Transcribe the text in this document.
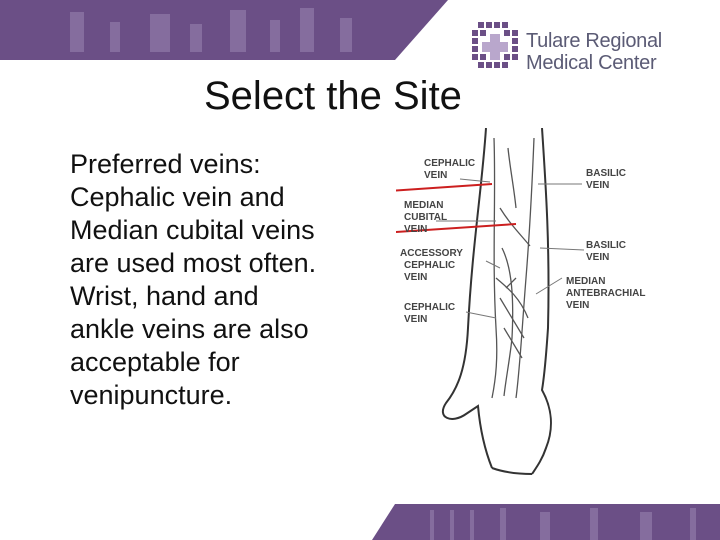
Tulare Regional
Medical Center
Select the Site
Preferred veins:
Cephalic vein and
Median cubital veins
are used most often.
Wrist, hand and
ankle veins are also
acceptable for
venipuncture.
CEPHALIC VEIN
MEDIAN CUBITAL VEIN
ACCESSORY CEPHALIC VEIN
CEPHALIC VEIN
BASILIC VEIN
BASILIC VEIN
MEDIAN ANTEBRACHIAL VEIN
